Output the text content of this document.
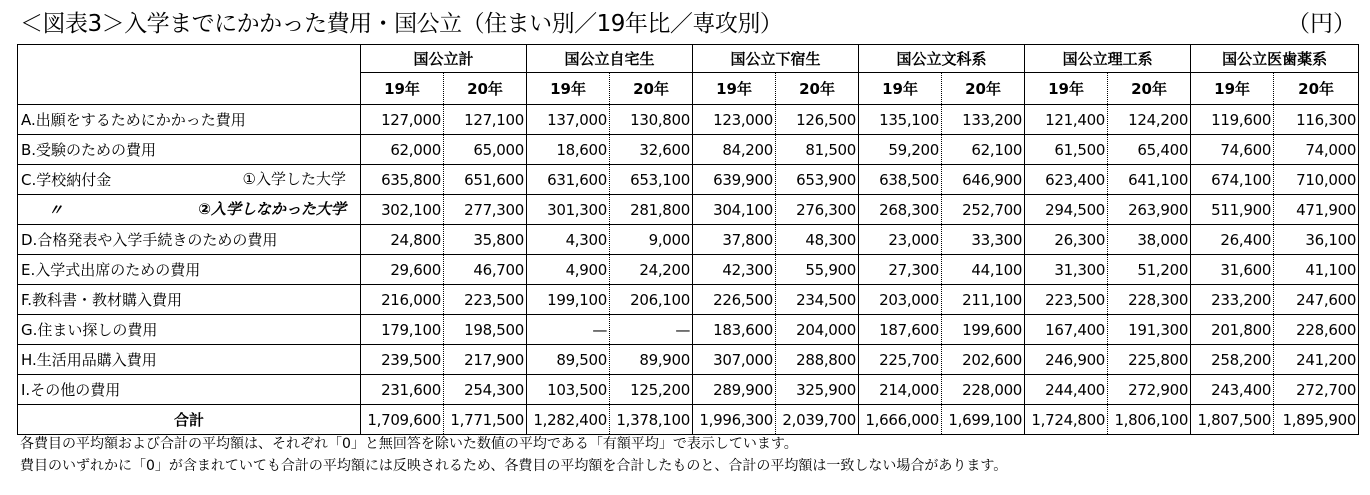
＜図表3＞入学までにかかった費用・国公立（住まい別／19年比／専攻別）	（円）
	国公立計		国公立自宅生		国公立下宿生		国公立文科系		国公立理工系		国公立医歯薬系	
	19年	20年	19年	20年	19年	20年	19年	20年	19年	20年	19年	20年
A.出願をするためにかかった費用	127,000	127,100	137,000	130,800	123,000	126,500	135,100	133,200	121,400	124,200	119,600	116,300
B.受験のための費用	62,000	65,000	18,600	32,600	84,200	81,500	59,200	62,100	61,500	65,400	74,600	74,000
C.学校納付金 ①入学した大学	635,800	651,600	631,600	653,100	639,900	653,900	638,500	646,900	623,400	641,100	674,100	710,000
〃 ②入学しなかった大学	302,100	277,300	301,300	281,800	304,100	276,300	268,300	252,700	294,500	263,900	511,900	471,900
D.合格発表や入学手続きのための費用	24,800	35,800	4,300	9,000	37,800	48,300	23,000	33,300	26,300	38,000	26,400	36,100
E.入学式出席のための費用	29,600	46,700	4,900	24,200	42,300	55,900	27,300	44,100	31,300	51,200	31,600	41,100
F.教科書・教材購入費用	216,000	223,500	199,100	206,100	226,500	234,500	203,000	211,100	223,500	228,300	233,200	247,600
G.住まい探しの費用	179,100	198,500	—	—	183,600	204,000	187,600	199,600	167,400	191,300	201,800	228,600
H.生活用品購入費用	239,500	217,900	89,500	89,900	307,000	288,800	225,700	202,600	246,900	225,800	258,200	241,200
I.その他の費用	231,600	254,300	103,500	125,200	289,900	325,900	214,000	228,000	244,400	272,900	243,400	272,700
合計	1,709,600	1,771,500	1,282,400	1,378,100	1,996,300	2,039,700	1,666,000	1,699,100	1,724,800	1,806,100	1,807,500	1,895,900
各費目の平均額および合計の平均額は、それぞれ「0」と無回答を除いた数値の平均である「有額平均」で表示しています。
費目のいずれかに「0」が含まれていても合計の平均額には反映されるため、各費目の平均額を合計したものと、合計の平均額は一致しない場合があります。
